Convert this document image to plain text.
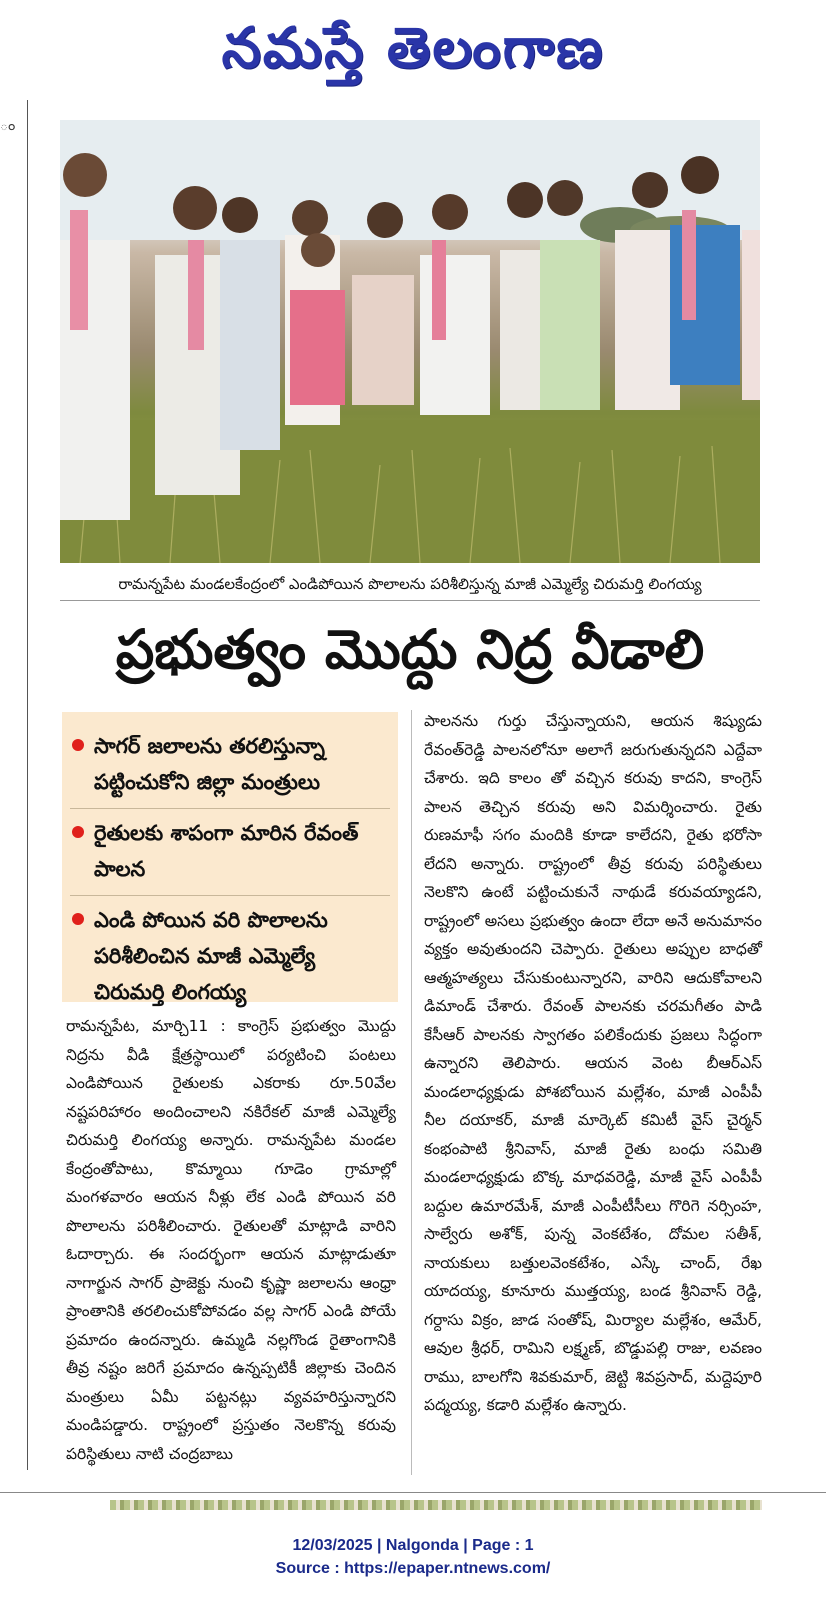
నమస్తే తెలంగాణ
ం
రామన్నపేట మండలకేంద్రంలో ఎండిపోయిన పొలాలను పరిశీలిస్తున్న మాజీ ఎమ్మెల్యే చిరుమర్తి లింగయ్య
ప్రభుత్వం మొద్దు నిద్ర వీడాలి
సాగర్ జలాలను తరలిస్తున్నా పట్టించుకోని జిల్లా మంత్రులు
రైతులకు శాపంగా మారిన రేవంత్ పాలన
ఎండి పోయిన వరి పొలాలను పరిశీలించిన మాజీ ఎమ్మెల్యే చిరుమర్తి లింగయ్య
రామన్నపేట, మార్చి11 : కాంగ్రెస్ ప్రభుత్వం మొద్దు నిద్రను వీడి క్షేత్రస్థాయిలో పర్యటించి పంటలు ఎండిపోయిన రైతులకు ఎకరాకు రూ.50వేల నష్టపరిహారం అందించాలని నకిరేకల్ మాజీ ఎమ్మెల్యే చిరుమర్తి లింగయ్య అన్నారు. రామన్నపేట మండల కేంద్రంతోపాటు, కొమ్మాయి గూడెం గ్రామాల్లో మంగళవారం ఆయన నీళ్లు లేక ఎండి పోయిన వరి పొలాలను పరిశీలించారు. రైతులతో మాట్లాడి వారిని ఓదార్చారు. ఈ సందర్భంగా ఆయన మాట్లాడుతూ నాగార్జున సాగర్ ప్రాజెక్టు నుంచి కృష్ణా జలాలను ఆంధ్రా ప్రాంతానికి తరలించుకోపోవడం వల్ల సాగర్ ఎండి పోయే ప్రమాదం ఉందన్నారు. ఉమ్మడి నల్లగొండ రైతాంగానికి తీవ్ర నష్టం జరిగే ప్రమాదం ఉన్నప్పటికీ జిల్లాకు చెందిన మంత్రులు ఏమీ పట్టనట్లు వ్యవహరిస్తున్నారని మండిపడ్డారు. రాష్ట్రంలో ప్రస్తుతం నెలకొన్న కరువు పరిస్థితులు నాటి చంద్రబాబు
పాలనను గుర్తు చేస్తున్నాయని, ఆయన శిష్యుడు రేవంత్‌రెడ్డి పాలనలోనూ అలాగే జరుగుతున్నదని ఎద్దేవా చేశారు. ఇది కాలం తో వచ్చిన కరువు కాదని, కాంగ్రెస్ పాలన తెచ్చిన కరువు అని విమర్శించారు. రైతు రుణమాఫీ సగం మందికి కూడా కాలేదని, రైతు భరోసా లేదని అన్నారు. రాష్ట్రంలో తీవ్ర కరువు పరిస్థితులు నెలకొని ఉంటే పట్టించుకునే నాథుడే కరువయ్యాడని, రాష్ట్రంలో అసలు ప్రభుత్వం ఉందా లేదా అనే అనుమానం వ్యక్తం అవుతుందని చెప్పారు. రైతులు అప్పుల బాధతో ఆత్మహత్యలు చేసుకుంటున్నారని, వారిని ఆదుకోవాలని డిమాండ్ చేశారు. రేవంత్ పాలనకు చరమగీతం పాడి కేసీఆర్ పాలనకు స్వాగతం పలికేందుకు ప్రజలు సిద్ధంగా ఉన్నారని తెలిపారు. ఆయన వెంట బీఆర్ఎస్ మండలాధ్యక్షుడు పోశబోయిన మల్లేశం, మాజీ ఎంపీపీ నీల దయాకర్, మాజీ మార్కెట్ కమిటీ వైస్ చైర్మన్ కంభంపాటి శ్రీనివాస్, మాజీ రైతు బంధు సమితి మండలాధ్యక్షుడు బొక్క మాధవరెడ్డి, మాజీ వైస్ ఎంపీపీ బద్దుల ఉమారమేశ్, మాజీ ఎంపీటీసీలు గొరిగె నర్సింహ, సాల్వేరు అశోక్, పున్న వెంకటేశం, దోమల సతీశ్, నాయకులు బత్తులవెంకటేశం, ఎస్కే చాంద్, రేఖ యాదయ్య, కూనూరు ముత్తయ్య, బండ శ్రీనివాస్ రెడ్డి, గర్దాసు విక్రం, జాడ సంతోష్, మిర్యాల మల్లేశం, ఆమేర్, ఆవుల శ్రీధర్, రామిని లక్ష్మణ్, బొడ్డుపల్లి రాజు, లవణం రాము, బాలగోని శివకుమార్, జెట్టి శివప్రసాద్, మద్దెపూరి పద్మయ్య, కడారి మల్లేశం ఉన్నారు.
12/03/2025 | Nalgonda | Page : 1
Source : https://epaper.ntnews.com/
